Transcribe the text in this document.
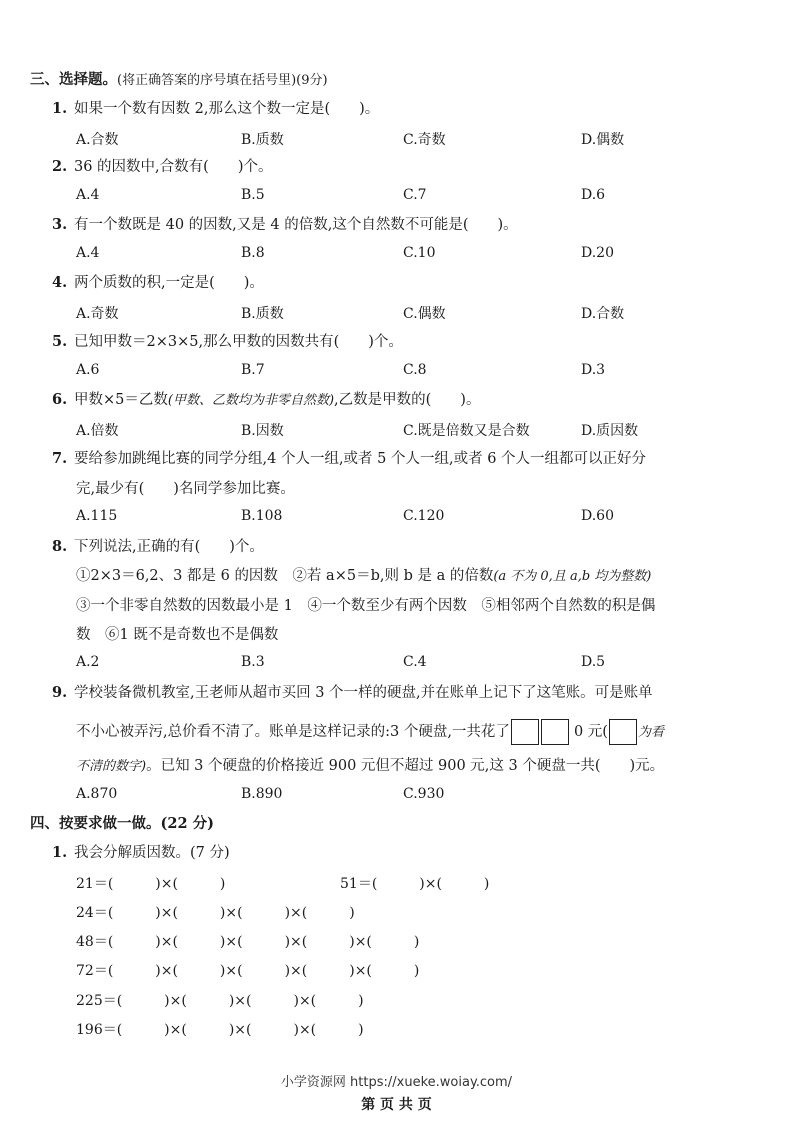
三、选择题。(将正确答案的序号填在括号里)(9分)
1. 如果一个数有因数 2,那么这个数一定是(　　)。
A.合数	B.质数	C.奇数	D.偶数
2. 36 的因数中,合数有(　　)个。
A.4	B.5	C.7	D.6
3. 有一个数既是 40 的因数,又是 4 的倍数,这个自然数不可能是(　　)。
A.4	B.8	C.10	D.20
4. 两个质数的积,一定是(　　)。
A.奇数	B.质数	C.偶数	D.合数
5. 已知甲数＝2×3×5,那么甲数的因数共有(　　)个。
A.6	B.7	C.8	D.3
6. 甲数×5＝乙数(甲数、乙数均为非零自然数),乙数是甲数的(　　)。
A.倍数	B.因数	C.既是倍数又是合数	D.质因数
7. 要给参加跳绳比赛的同学分组,4 个人一组,或者 5 个人一组,或者 6 个人一组都可以正好分
完,最少有(　　)名同学参加比赛。
A.115	B.108	C.120	D.60
8. 下列说法,正确的有(　　)个。
①2×3＝6,2、3 都是 6 的因数　②若 a×5＝b,则 b 是 a 的倍数(a 不为 0,且 a,b 均为整数)
③一个非零自然数的因数最小是 1　④一个数至少有两个因数　⑤相邻两个自然数的积是偶
数　⑥1 既不是奇数也不是偶数
A.2	B.3	C.4	D.5
9. 学校装备微机教室,王老师从超市买回 3 个一样的硬盘,并在账单上记下了这笔账。可是账单
不小心被弄污,总价看不清了。账单是这样记录的:3 个硬盘,一共花了	0 元( 为看
不清的数字)。已知 3 个硬盘的价格接近 900 元但不超过 900 元,这 3 个硬盘一共(　　)元。
A.870	B.890	C.930
四、按要求做一做。(22 分)
1. 我会分解质因数。(7 分)
21＝(　　　)×(　　　)	51＝(　　　)×(　　　)
24＝(　　　)×(　　　)×(　　　)×(　　　)
48＝(　　　)×(　　　)×(　　　)×(　　　)×(　　　)
72＝(　　　)×(　　　)×(　　　)×(　　　)×(　　　)
225＝(　　　)×(　　　)×(　　　)×(　　　)
196＝(　　　)×(　　　)×(　　　)×(　　　)
小学资源网 https://xueke.woiay.com/
第 页 共 页
